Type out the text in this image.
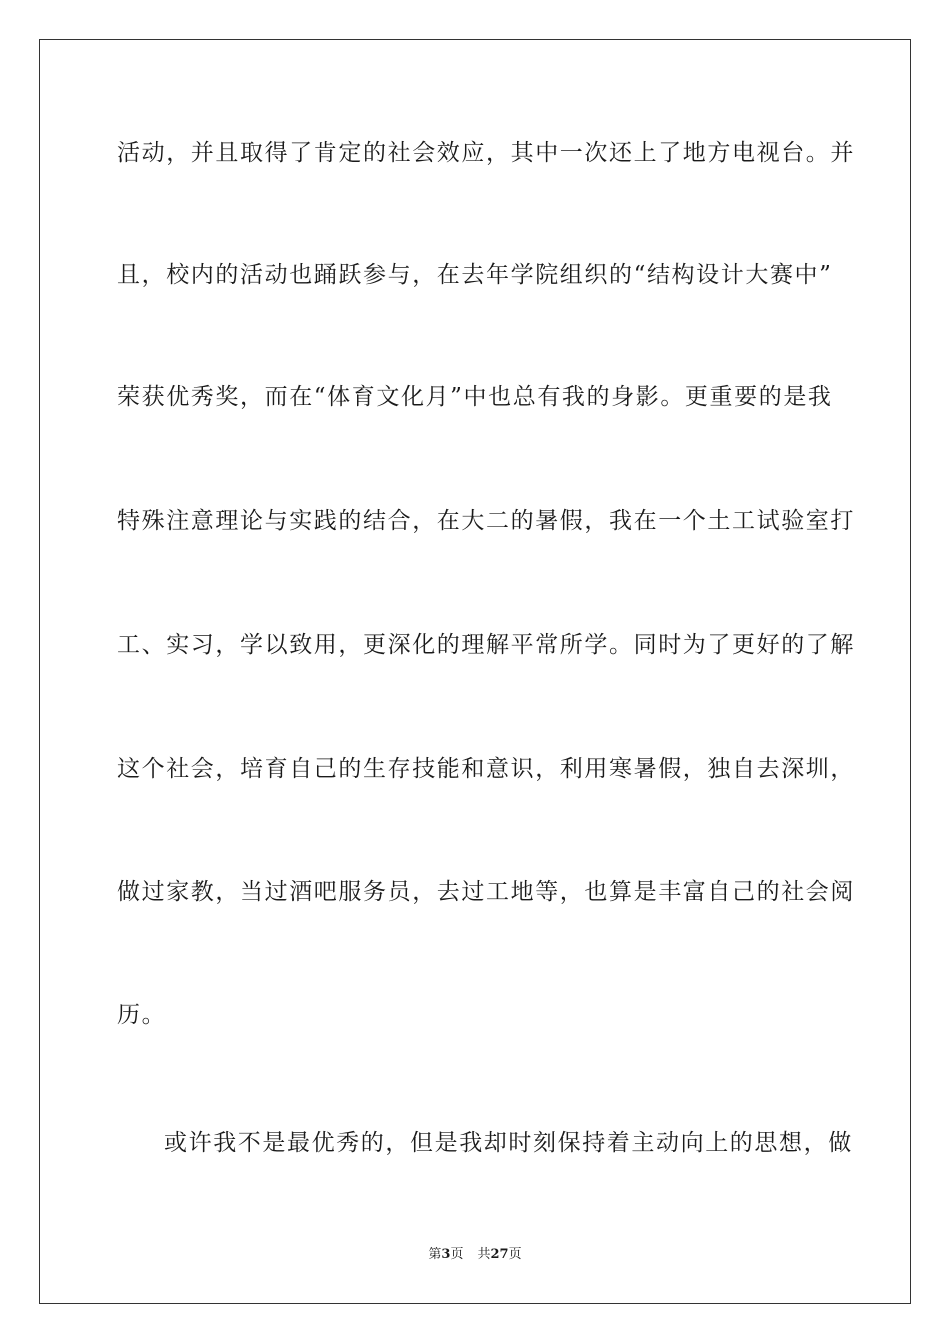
活动，并且取得了肯定的社会效应，其中一次还上了地方电视台。并
且，校内的活动也踊跃参与，在去年学院组织的“结构设计大赛中”
荣获优秀奖，而在“体育文化月”中也总有我的身影。更重要的是我
特殊注意理论与实践的结合，在大二的暑假，我在一个土工试验室打
工、实习，学以致用，更深化的理解平常所学。同时为了更好的了解
这个社会，培育自己的生存技能和意识，利用寒暑假，独自去深圳，
做过家教，当过酒吧服务员，去过工地等，也算是丰富自己的社会阅
历。
或许我不是最优秀的，但是我却时刻保持着主动向上的思想，做
第3页 共27页
